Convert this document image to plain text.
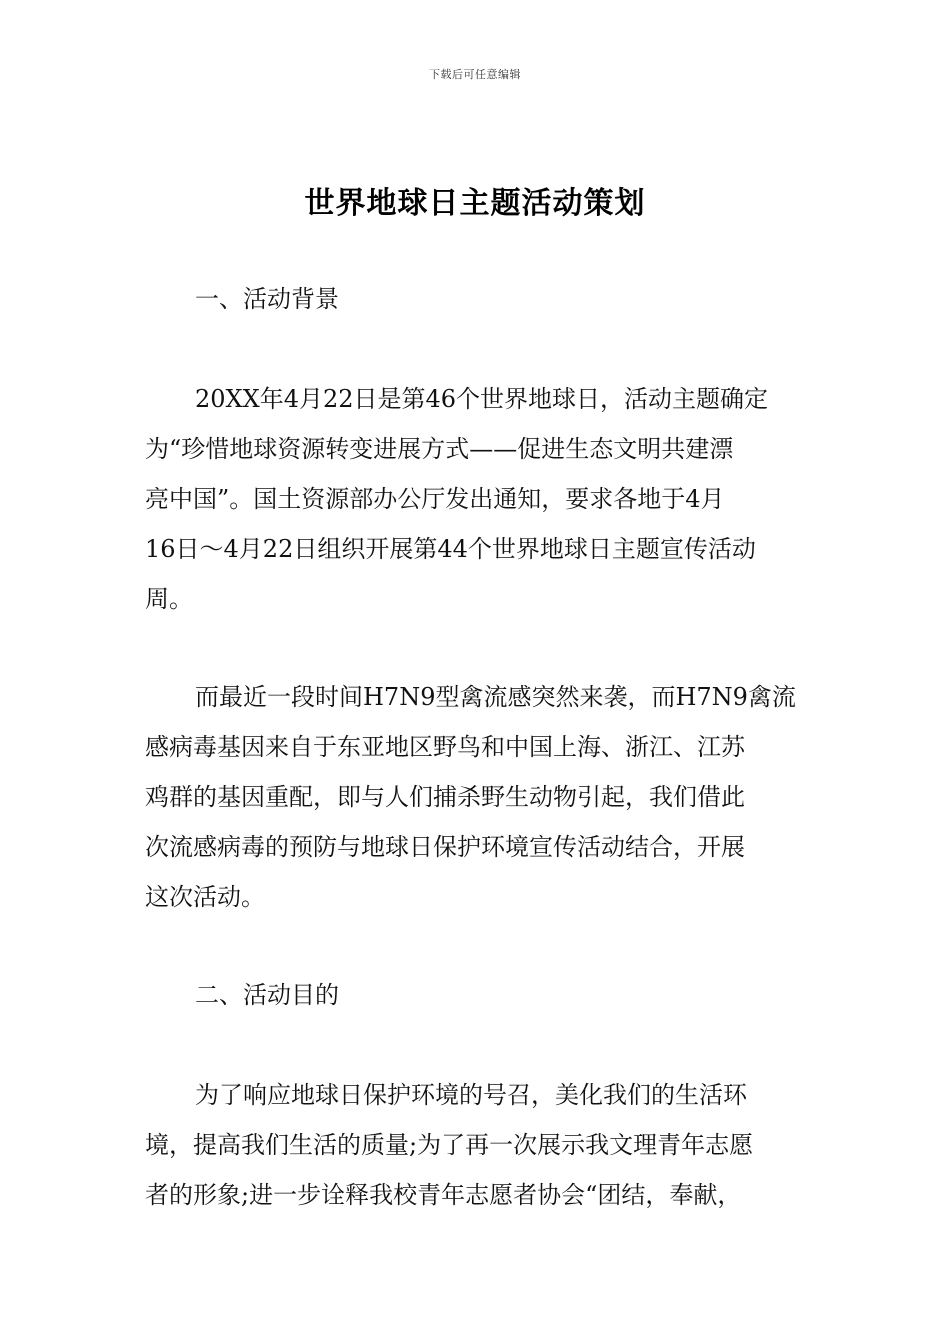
下载后可任意编辑
世界地球日主题活动策划
一、活动背景
20XX年4月22日是第46个世界地球日，活动主题确定
为“珍惜地球资源转变进展方式——促进生态文明共建漂
亮中国”。国土资源部办公厅发出通知，要求各地于4月
16日～4月22日组织开展第44个世界地球日主题宣传活动
周。
而最近一段时间H7N9型禽流感突然来袭，而H7N9禽流
感病毒基因来自于东亚地区野鸟和中国上海、浙江、江苏
鸡群的基因重配，即与人们捕杀野生动物引起，我们借此
次流感病毒的预防与地球日保护环境宣传活动结合，开展
这次活动。
二、活动目的
为了响应地球日保护环境的号召，美化我们的生活环
境，提高我们生活的质量;为了再一次展示我文理青年志愿
者的形象;进一步诠释我校青年志愿者协会“团结，奉献，
